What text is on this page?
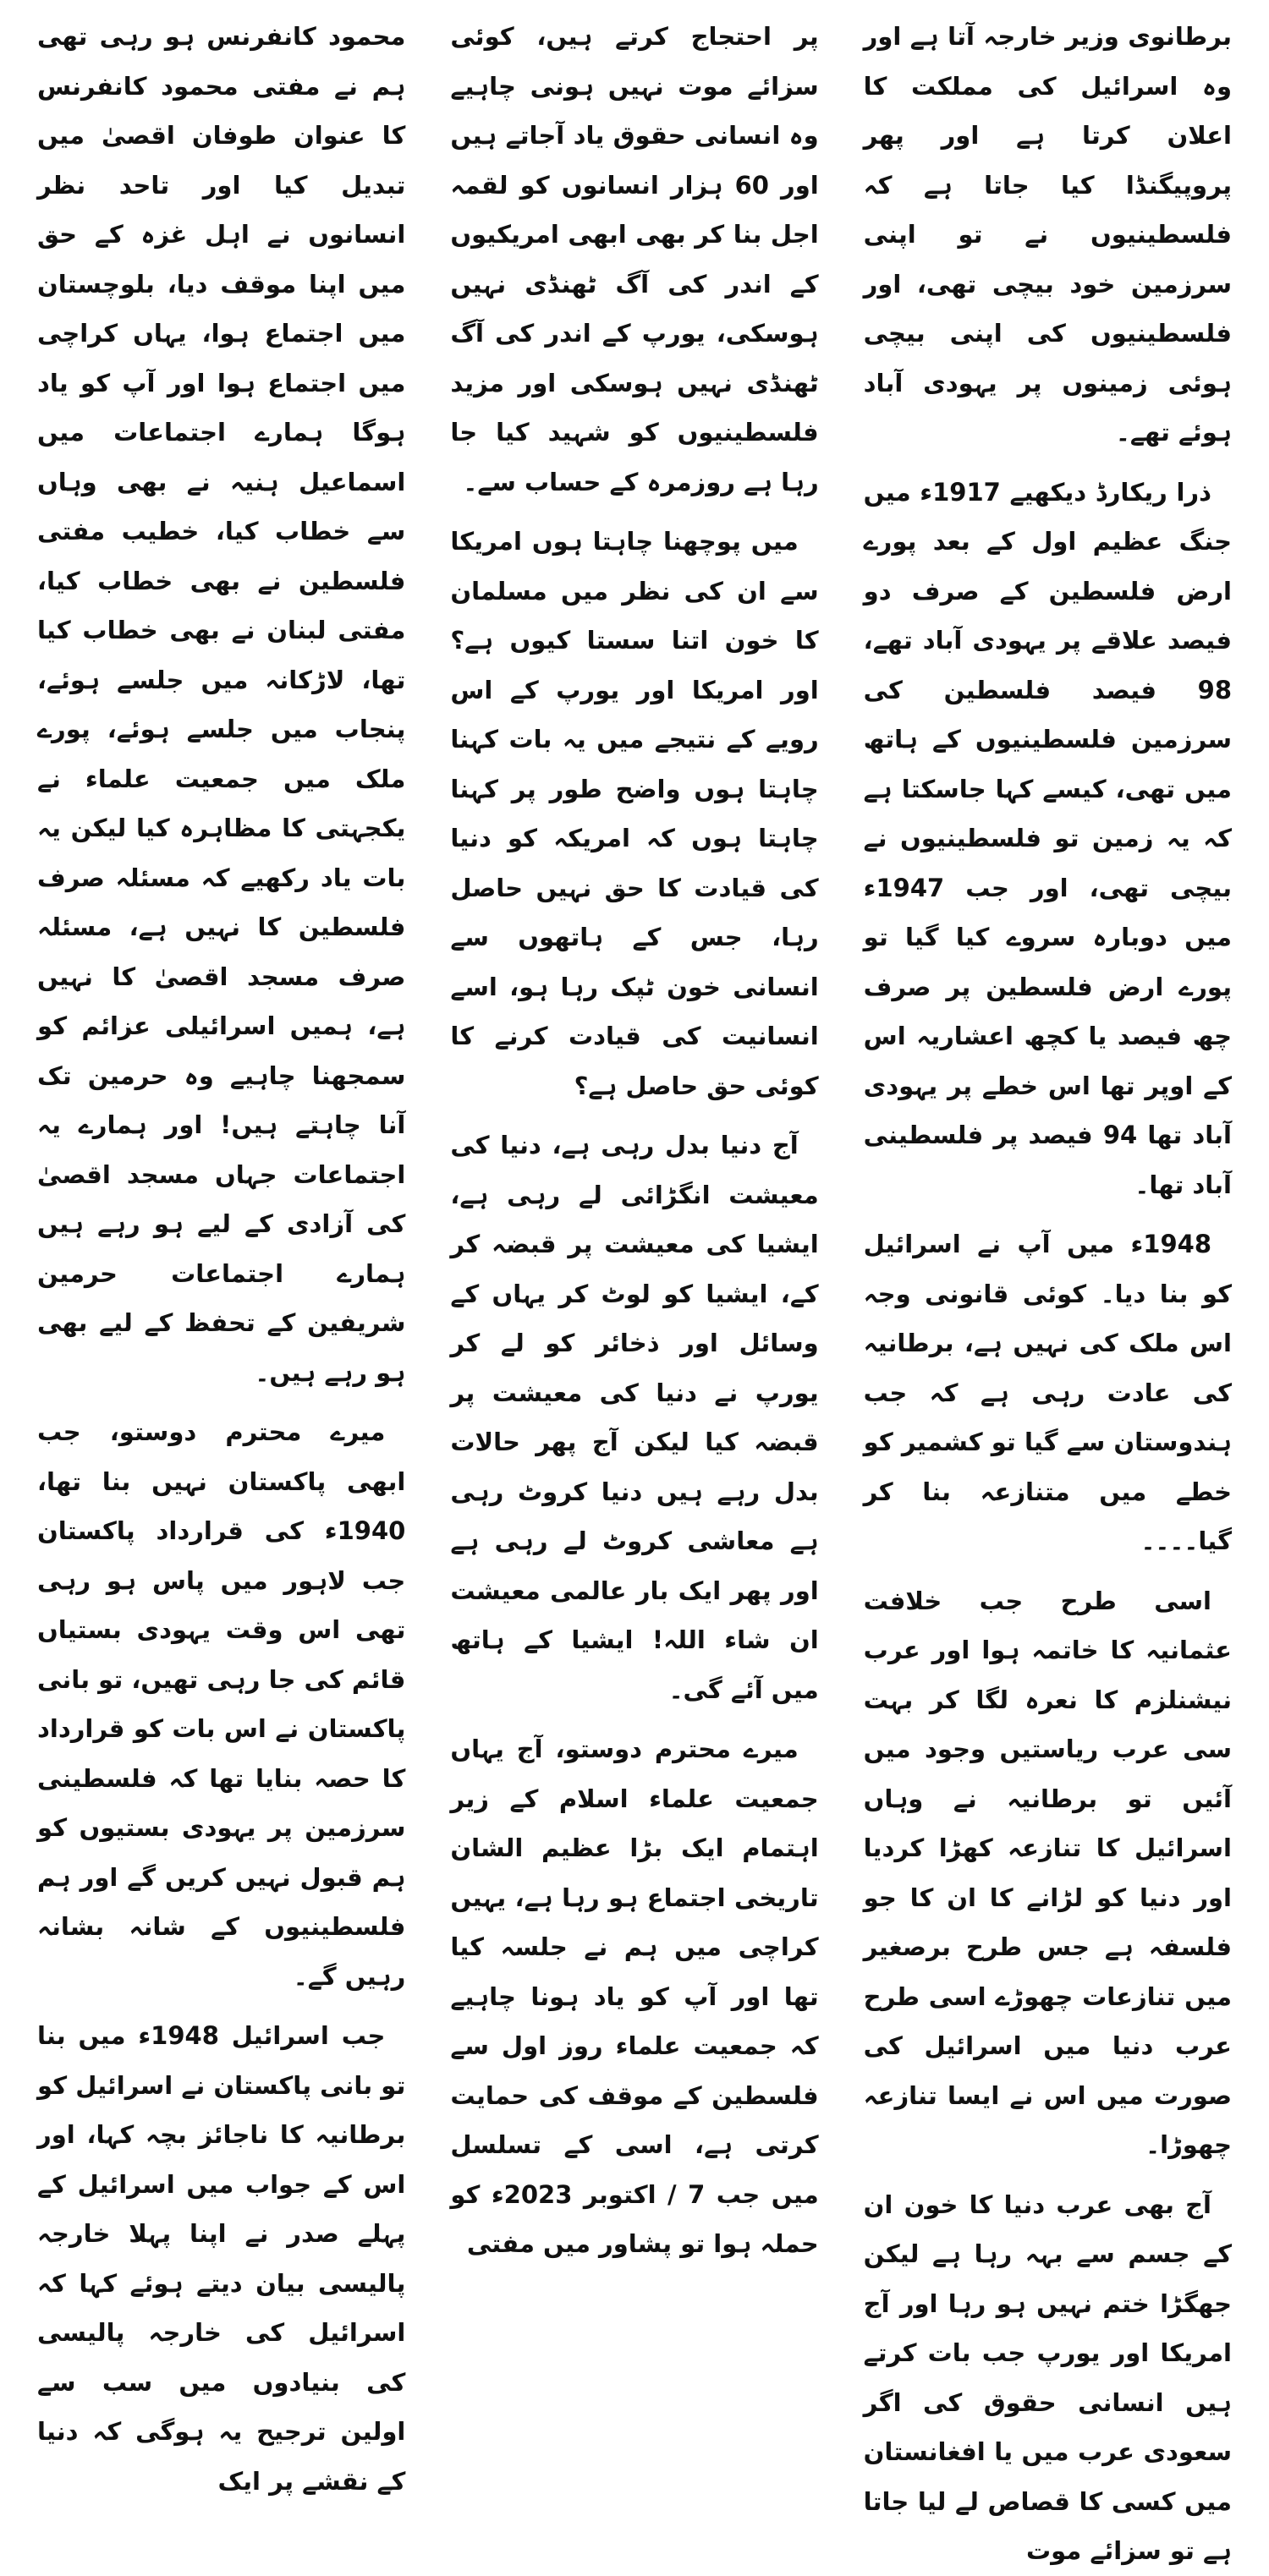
برطانوی وزیر خارجہ آتا ہے اور وہ اسرائیل کی مملکت کا اعلان کرتا ہے اور پھر پروپیگنڈا کیا جاتا ہے کہ فلسطینیوں نے تو اپنی سرزمین خود بیچی تھی، اور فلسطینیوں کی اپنی بیچی ہوئی زمینوں پر یہودی آباد ہوئے تھے۔

ذرا ریکارڈ دیکھیے 1917ء میں جنگ عظیم اول کے بعد پورے ارض فلسطین کے صرف دو فیصد علاقے پر یہودی آباد تھے، 98 فیصد فلسطین کی سرزمین فلسطینیوں کے ہاتھ میں تھی، کیسے کہا جاسکتا ہے کہ یہ زمین تو فلسطینیوں نے بیچی تھی، اور جب 1947ء میں دوبارہ سروے کیا گیا تو پورے ارض فلسطین پر صرف چھ فیصد یا کچھ اعشاریہ اس کے اوپر تھا اس خطے پر یہودی آباد تھا 94 فیصد پر فلسطینی آباد تھا۔

1948ء میں آپ نے اسرائیل کو بنا دیا۔ کوئی قانونی وجہ اس ملک کی نہیں ہے، برطانیہ کی عادت رہی ہے کہ جب ہندوستان سے گیا تو کشمیر کو خطے میں متنازعہ بنا کر گیا۔۔۔۔

اسی طرح جب خلافت عثمانیہ کا خاتمہ ہوا اور عرب نیشنلزم کا نعرہ لگا کر بہت سی عرب ریاستیں وجود میں آئیں تو برطانیہ نے وہاں اسرائیل کا تنازعہ کھڑا کردیا اور دنیا کو لڑانے کا ان کا جو فلسفہ ہے جس طرح برصغیر میں تنازعات چھوڑے اسی طرح عرب دنیا میں اسرائیل کی صورت میں اس نے ایسا تنازعہ چھوڑا۔

آج بھی عرب دنیا کا خون ان کے جسم سے بہہ رہا ہے لیکن جھگڑا ختم نہیں ہو رہا اور آج امریکا اور یورپ جب بات کرتے ہیں انسانی حقوق کی اگر سعودی عرب میں یا افغانستان میں کسی کا قصاص لے لیا جاتا ہے تو سزائے موت

پر احتجاج کرتے ہیں، کوئی سزائے موت نہیں ہونی چاہیے وہ انسانی حقوق یاد آجاتے ہیں اور 60 ہزار انسانوں کو لقمہ اجل بنا کر بھی ابھی امریکیوں کے اندر کی آگ ٹھنڈی نہیں ہوسکی، یورپ کے اندر کی آگ ٹھنڈی نہیں ہوسکی اور مزید فلسطینیوں کو شہید کیا جا رہا ہے روزمرہ کے حساب سے۔

میں پوچھنا چاہتا ہوں امریکا سے ان کی نظر میں مسلمان کا خون اتنا سستا کیوں ہے؟ اور امریکا اور یورپ کے اس رویے کے نتیجے میں یہ بات کہنا چاہتا ہوں واضح طور پر کہنا چاہتا ہوں کہ امریکہ کو دنیا کی قیادت کا حق نہیں حاصل رہا، جس کے ہاتھوں سے انسانی خون ٹپک رہا ہو، اسے انسانیت کی قیادت کرنے کا کوئی حق حاصل ہے؟

آج دنیا بدل رہی ہے، دنیا کی معیشت انگڑائی لے رہی ہے، ایشیا کی معیشت پر قبضہ کر کے، ایشیا کو لوٹ کر یہاں کے وسائل اور ذخائر کو لے کر یورپ نے دنیا کی معیشت پر قبضہ کیا لیکن آج پھر حالات بدل رہے ہیں دنیا کروٹ رہی ہے معاشی کروٹ لے رہی ہے اور پھر ایک بار عالمی معیشت ان شاء اللہ! ایشیا کے ہاتھ میں آئے گی۔

میرے محترم دوستو، آج یہاں جمعیت علماء اسلام کے زیر اہتمام ایک بڑا عظیم الشان تاریخی اجتماع ہو رہا ہے، یہیں کراچی میں ہم نے جلسہ کیا تھا اور آپ کو یاد ہونا چاہیے کہ جمعیت علماء روز اول سے فلسطین کے موقف کی حمایت کرتی ہے، اسی کے تسلسل میں جب 7 / اکتوبر 2023ء کو حملہ ہوا تو پشاور میں مفتی

محمود کانفرنس ہو رہی تھی ہم نے مفتی محمود کانفرنس کا عنوان طوفان اقصیٰ میں تبدیل کیا اور تاحد نظر انسانوں نے اہل غزہ کے حق میں اپنا موقف دیا، بلوچستان میں اجتماع ہوا، یہاں کراچی میں اجتماع ہوا اور آپ کو یاد ہوگا ہمارے اجتماعات میں اسماعیل ہنیہ نے بھی وہاں سے خطاب کیا، خطیب مفتی فلسطین نے بھی خطاب کیا، مفتی لبنان نے بھی خطاب کیا تھا، لاڑکانہ میں جلسے ہوئے، پنجاب میں جلسے ہوئے، پورے ملک میں جمعیت علماء نے یکجہتی کا مظاہرہ کیا لیکن یہ بات یاد رکھیے کہ مسئلہ صرف فلسطین کا نہیں ہے، مسئلہ صرف مسجد اقصیٰ کا نہیں ہے، ہمیں اسرائیلی عزائم کو سمجھنا چاہیے وہ حرمین تک آنا چاہتے ہیں! اور ہمارے یہ اجتماعات جہاں مسجد اقصیٰ کی آزادی کے لیے ہو رہے ہیں ہمارے اجتماعات حرمین شریفین کے تحفظ کے لیے بھی ہو رہے ہیں۔

میرے محترم دوستو، جب ابھی پاکستان نہیں بنا تھا، 1940ء کی قرارداد پاکستان جب لاہور میں پاس ہو رہی تھی اس وقت یہودی بستیاں قائم کی جا رہی تھیں، تو بانی پاکستان نے اس بات کو قرارداد کا حصہ بنایا تھا کہ فلسطینی سرزمین پر یہودی بستیوں کو ہم قبول نہیں کریں گے اور ہم فلسطینیوں کے شانہ بشانہ رہیں گے۔

جب اسرائیل 1948ء میں بنا تو بانی پاکستان نے اسرائیل کو برطانیہ کا ناجائز بچہ کہا، اور اس کے جواب میں اسرائیل کے پہلے صدر نے اپنا پہلا خارجہ پالیسی بیان دیتے ہوئے کہا کہ اسرائیل کی خارجہ پالیسی کی بنیادوں میں سب سے اولین ترجیح یہ ہوگی کہ دنیا کے نقشے پر ایک
